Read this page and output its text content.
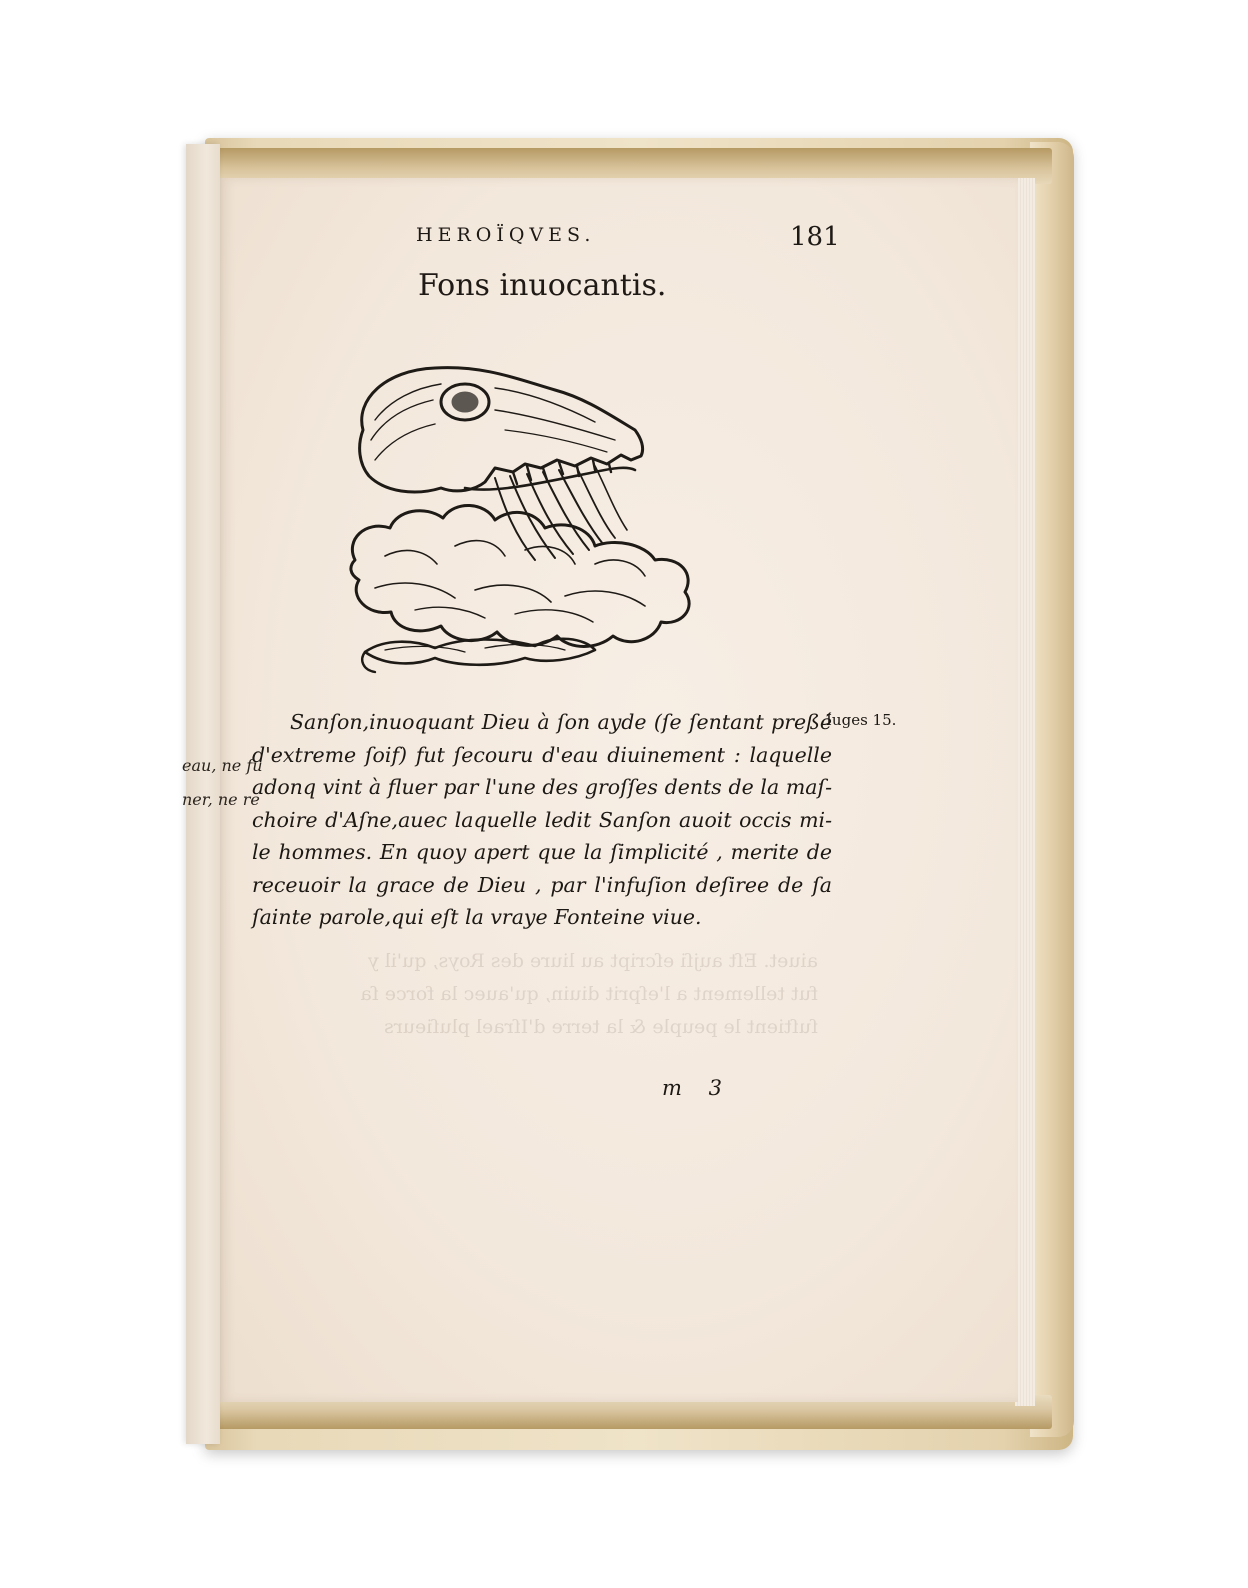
eau, ne fu
ner, ne re
HEROÏQVES.	181
Fons inuocantis.
aiuet. Eſt aujſi eſcript au liure des Roys, qu'il y
fut tellement a l'eſprit diuin, qu'auec la force ſa
ſuſtient le peuple & la terre d'Iſrael pluſieurs
Sanſon,inuoquant Dieu à ſon ayde (ſe ſentant preßé
d'extreme ſoif) fut ſecouru d'eau diuinement : laquelle
adonq vint à fluer par l'une des groſſes dents de la maſ-
choire d'Aſne,auec laquelle ledit Sanſon auoit occis mi-
le hommes. En quoy apert que la ſimplicité , merite de
receuoir la grace de Dieu , par l'infuſion deſiree de ſa
ſainte parole,qui eſt la vraye Fonteine viue.
Iuges 15.
m 3
